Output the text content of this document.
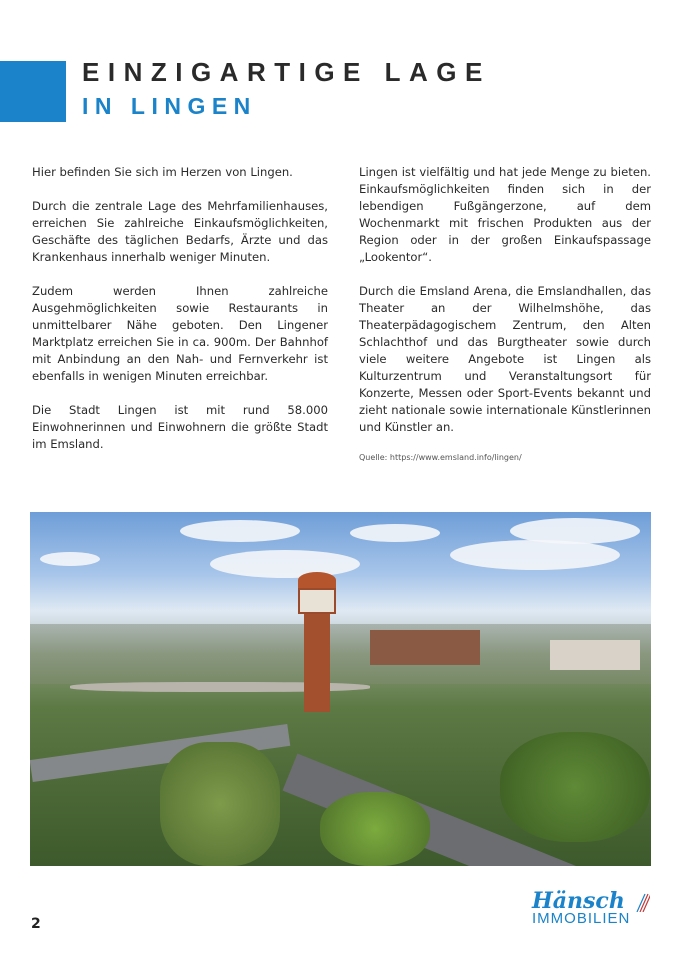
EINZIGARTIGE LAGE
IN LINGEN

Hier befinden Sie sich im Herzen von Lingen.

Durch die zentrale Lage des Mehrfamilienhauses, erreichen Sie zahlreiche Einkaufsmöglichkeiten, Geschäfte des täglichen Bedarfs, Ärzte und das Krankenhaus innerhalb weniger Minuten.

Zudem werden Ihnen zahlreiche Ausgehmöglichkeiten sowie Restaurants in unmittelbarer Nähe geboten. Den Lingener Marktplatz erreichen Sie in ca. 900m. Der Bahnhof mit Anbindung an den Nah- und Fernverkehr ist ebenfalls in wenigen Minuten erreichbar.

Die Stadt Lingen ist mit rund 58.000 Einwohnerinnen und Einwohnern die größte Stadt im Emsland.

Lingen ist vielfältig und hat jede Menge zu bieten. Einkaufsmöglichkeiten finden sich in der lebendigen Fußgängerzone, auf dem Wochenmarkt mit frischen Produkten aus der Region oder in der großen Einkaufspassage „Lookentor“.

Durch die Emsland Arena, die Emslandhallen, das Theater an der Wilhelmshöhe, das Theaterpädagogischem Zentrum, den Alten Schlachthof und das Burgtheater sowie durch viele weitere Angebote ist Lingen als Kulturzentrum und Veranstaltungsort für Konzerte, Messen oder Sport-Events bekannt und zieht nationale sowie internationale Künstlerinnen und Künstler an.

Quelle: https://www.emsland.info/lingen/
2
Hänsch
IMMOBILIEN
